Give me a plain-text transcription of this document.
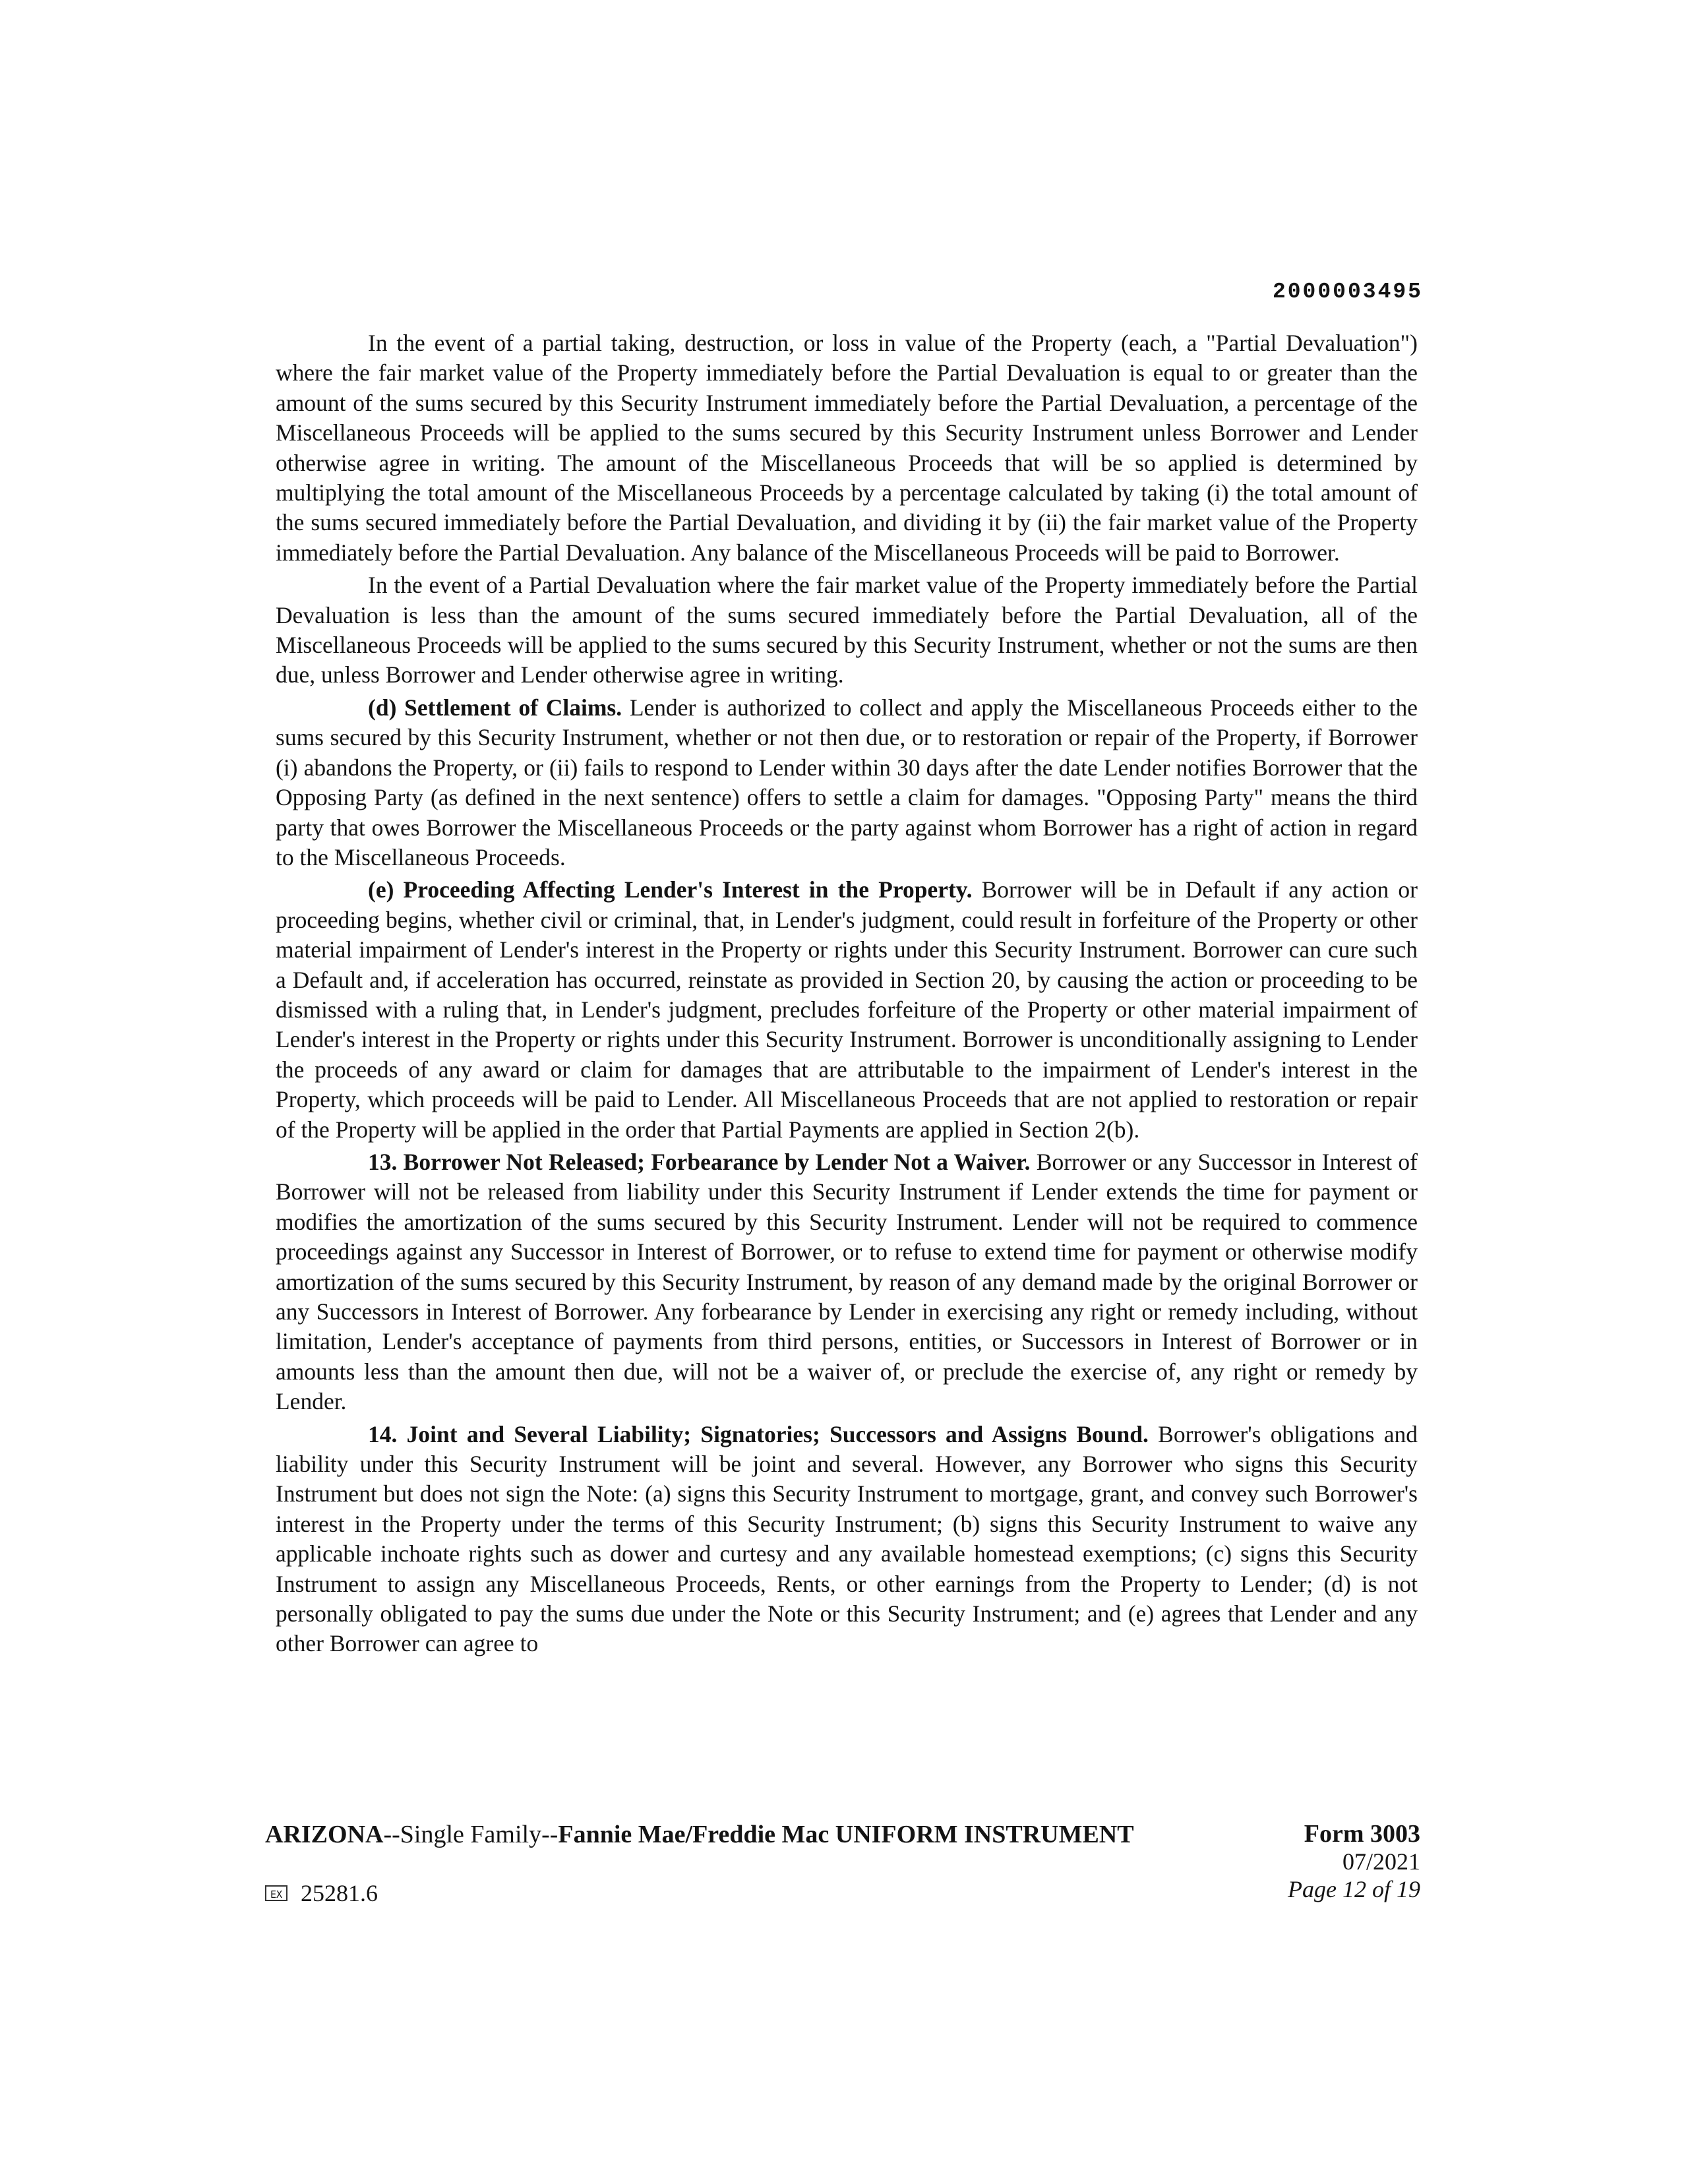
2000003495

In the event of a partial taking, destruction, or loss in value of the Property (each, a "Partial Devaluation") where the fair market value of the Property immediately before the Partial Devaluation is equal to or greater than the amount of the sums secured by this Security Instrument immediately before the Partial Devaluation, a percentage of the Miscellaneous Proceeds will be applied to the sums secured by this Security Instrument unless Borrower and Lender otherwise agree in writing. The amount of the Miscellaneous Proceeds that will be so applied is determined by multiplying the total amount of the Miscellaneous Proceeds by a percentage calculated by taking (i) the total amount of the sums secured immediately before the Partial Devaluation, and dividing it by (ii) the fair market value of the Property immediately before the Partial Devaluation. Any balance of the Miscellaneous Proceeds will be paid to Borrower.

In the event of a Partial Devaluation where the fair market value of the Property immediately before the Partial Devaluation is less than the amount of the sums secured immediately before the Partial Devaluation, all of the Miscellaneous Proceeds will be applied to the sums secured by this Security Instrument, whether or not the sums are then due, unless Borrower and Lender otherwise agree in writing.

(d) Settlement of Claims. Lender is authorized to collect and apply the Miscellaneous Proceeds either to the sums secured by this Security Instrument, whether or not then due, or to restoration or repair of the Property, if Borrower (i) abandons the Property, or (ii) fails to respond to Lender within 30 days after the date Lender notifies Borrower that the Opposing Party (as defined in the next sentence) offers to settle a claim for damages. "Opposing Party" means the third party that owes Borrower the Miscellaneous Proceeds or the party against whom Borrower has a right of action in regard to the Miscellaneous Proceeds.

(e) Proceeding Affecting Lender's Interest in the Property. Borrower will be in Default if any action or proceeding begins, whether civil or criminal, that, in Lender's judgment, could result in forfeiture of the Property or other material impairment of Lender's interest in the Property or rights under this Security Instrument. Borrower can cure such a Default and, if acceleration has occurred, reinstate as provided in Section 20, by causing the action or proceeding to be dismissed with a ruling that, in Lender's judgment, precludes forfeiture of the Property or other material impairment of Lender's interest in the Property or rights under this Security Instrument. Borrower is unconditionally assigning to Lender the proceeds of any award or claim for damages that are attributable to the impairment of Lender's interest in the Property, which proceeds will be paid to Lender. All Miscellaneous Proceeds that are not applied to restoration or repair of the Property will be applied in the order that Partial Payments are applied in Section 2(b).

13. Borrower Not Released; Forbearance by Lender Not a Waiver. Borrower or any Successor in Interest of Borrower will not be released from liability under this Security Instrument if Lender extends the time for payment or modifies the amortization of the sums secured by this Security Instrument. Lender will not be required to commence proceedings against any Successor in Interest of Borrower, or to refuse to extend time for payment or otherwise modify amortization of the sums secured by this Security Instrument, by reason of any demand made by the original Borrower or any Successors in Interest of Borrower. Any forbearance by Lender in exercising any right or remedy including, without limitation, Lender's acceptance of payments from third persons, entities, or Successors in Interest of Borrower or in amounts less than the amount then due, will not be a waiver of, or preclude the exercise of, any right or remedy by Lender.

14. Joint and Several Liability; Signatories; Successors and Assigns Bound. Borrower's obligations and liability under this Security Instrument will be joint and several. However, any Borrower who signs this Security Instrument but does not sign the Note: (a) signs this Security Instrument to mortgage, grant, and convey such Borrower's interest in the Property under the terms of this Security Instrument; (b) signs this Security Instrument to waive any applicable inchoate rights such as dower and curtesy and any available homestead exemptions; (c) signs this Security Instrument to assign any Miscellaneous Proceeds, Rents, or other earnings from the Property to Lender; (d) is not personally obligated to pay the sums due under the Note or this Security Instrument; and (e) agrees that Lender and any other Borrower can agree to

ARIZONA--Single Family--Fannie Mae/Freddie Mac UNIFORM INSTRUMENT	Form 3003
07/2021
Page 12 of 19
EX 25281.6
